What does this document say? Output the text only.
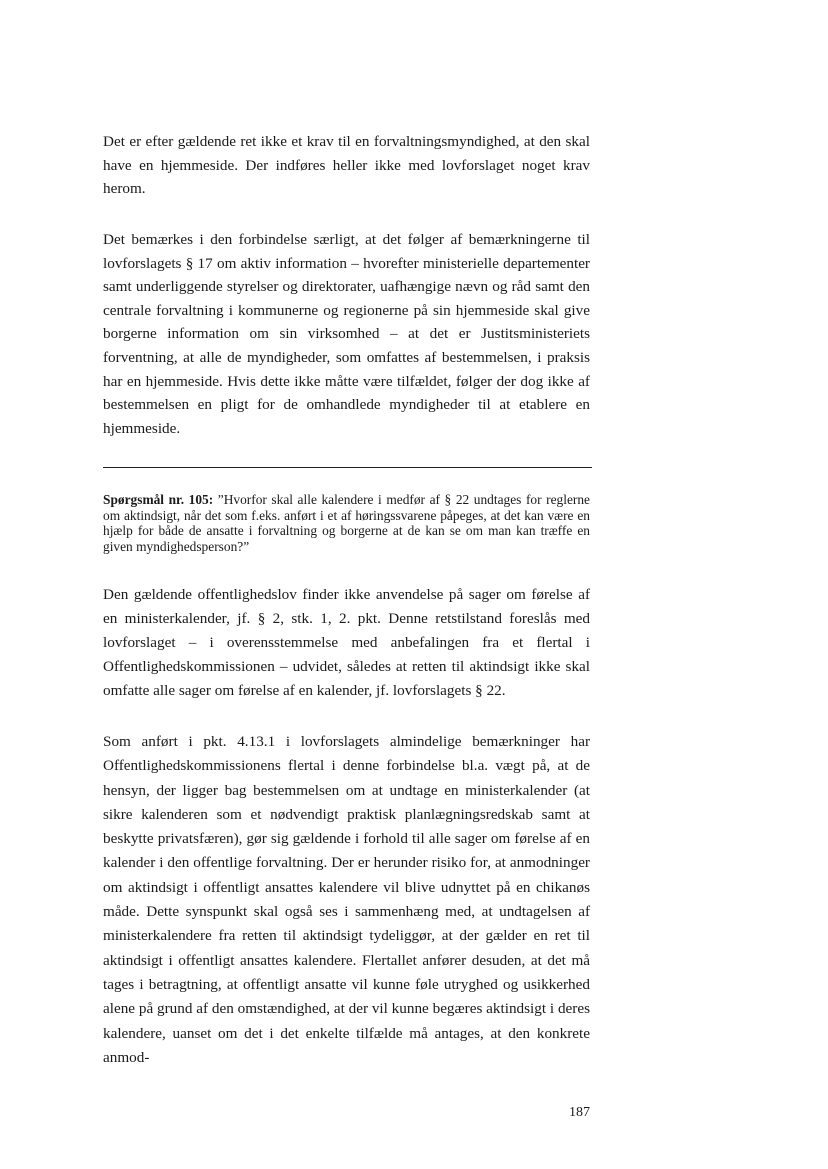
Det er efter gældende ret ikke et krav til en forvaltningsmyndighed, at den skal have en hjemmeside. Der indføres heller ikke med lovforslaget noget krav herom.

Det bemærkes i den forbindelse særligt, at det følger af bemærkningerne til lovforslagets § 17 om aktiv information – hvorefter ministerielle departementer samt underliggende styrelser og direktorater, uafhængige nævn og råd samt den centrale forvaltning i kommunerne og regionerne på sin hjemmeside skal give borgerne information om sin virksomhed – at det er Justitsministeriets forventning, at alle de myndigheder, som omfattes af bestemmelsen, i praksis har en hjemmeside. Hvis dette ikke måtte være tilfældet, følger der dog ikke af bestemmelsen en pligt for de omhandlede myndigheder til at etablere en hjemmeside.

Spørgsmål nr. 105: ”Hvorfor skal alle kalendere i medfør af § 22 undtages for reglerne om aktindsigt, når det som f.eks. anført i et af høringssvarene påpeges, at det kan være en hjælp for både de ansatte i forvaltning og borgerne at de kan se om man kan træffe en given myndighedsperson?”

Den gældende offentlighedslov finder ikke anvendelse på sager om førelse af en ministerkalender, jf. § 2, stk. 1, 2. pkt. Denne retstilstand foreslås med lovforslaget – i overensstemmelse med anbefalingen fra et flertal i Offentlighedskommissionen – udvidet, således at retten til aktindsigt ikke skal omfatte alle sager om førelse af en kalender, jf. lovforslagets § 22.

Som anført i pkt. 4.13.1 i lovforslagets almindelige bemærkninger har Offentlighedskommissionens flertal i denne forbindelse bl.a. vægt på, at de hensyn, der ligger bag bestemmelsen om at undtage en ministerkalender (at sikre kalenderen som et nødvendigt praktisk planlægningsredskab samt at beskytte privatsfæren), gør sig gældende i forhold til alle sager om førelse af en kalender i den offentlige forvaltning. Der er herunder risiko for, at anmodninger om aktindsigt i offentligt ansattes kalendere vil blive udnyttet på en chikanøs måde. Dette synspunkt skal også ses i sammenhæng med, at undtagelsen af ministerkalendere fra retten til aktindsigt tydeliggør, at der gælder en ret til aktindsigt i offentligt ansattes kalendere. Flertallet anfører desuden, at det må tages i betragtning, at offentligt ansatte vil kunne føle utryghed og usikkerhed alene på grund af den omstændighed, at der vil kunne begæres aktindsigt i deres kalendere, uanset om det i det enkelte tilfælde må antages, at den konkrete anmod-

187
